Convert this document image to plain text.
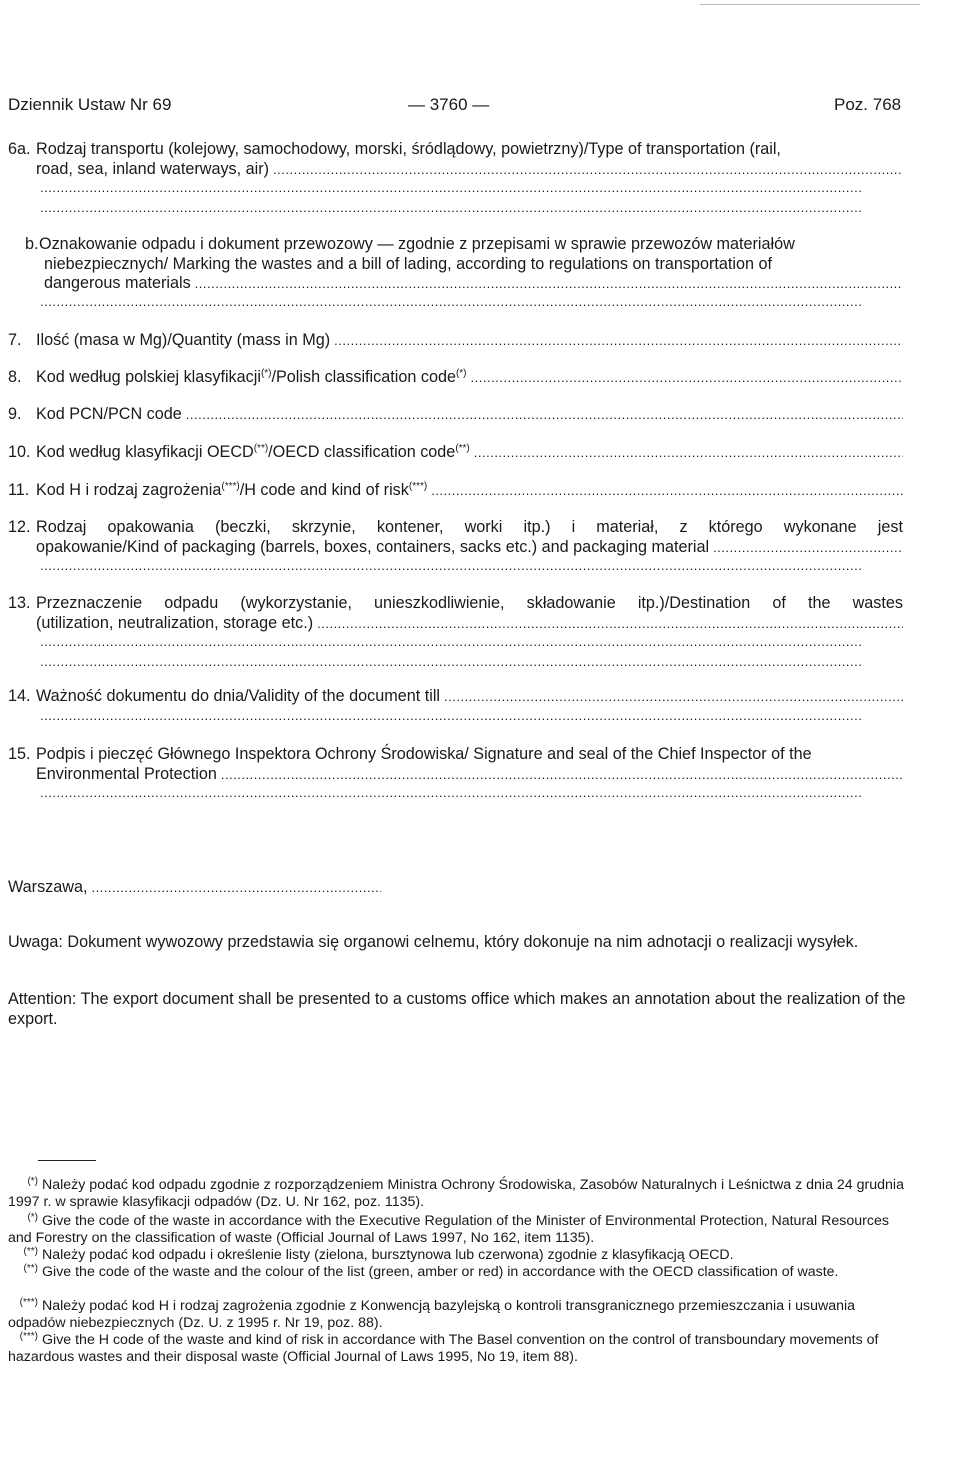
Dziennik Ustaw Nr 69	— 3760 —	Poz. 768
6a. Rodzaj transportu (kolejowy, samochodowy, morski, śródlądowy, powietrzny)/Type of transportation (rail,
road, sea, inland waterways, air)
.....
.....
.....
b. Oznakowanie odpadu i dokument przewozowy — zgodnie z przepisami w sprawie przewozów materiałów
niebezpiecznych/ Marking the wastes and a bill of lading, according to regulations on transportation of
dangerous materials
.....
.....
7. Ilość (masa w Mg)/Quantity (mass in Mg)
.....
8. Kod według polskiej klasyfikacji(*)/Polish classification code(*)
.....
9. Kod PCN/PCN code
.....
10. Kod według klasyfikacji OECD(**)/OECD classification code(**)
.....
11. Kod H i rodzaj zagrożenia(***)/H code and kind of risk(***)
.....
12. Rodzaj opakowania (beczki, skrzynie, kontener, worki itp.) i materiał, z którego wykonane jest
opakowanie/Kind of packaging (barrels, boxes, containers, sacks etc.) and packaging material
.....
.....
13. Przeznaczenie odpadu (wykorzystanie, unieszkodliwienie, składowanie itp.)/Destination of the wastes
(utilization, neutralization, storage etc.)
.....
.....
.....
14. Ważność dokumentu do dnia/Validity of the document till
.....
.....
15. Podpis i pieczęć Głównego Inspektora Ochrony Środowiska/ Signature and seal of the Chief Inspector of the
Environmental Protection
.....
.....
Warszawa,
.....
Uwaga: Dokument wywozowy przedstawia się organowi celnemu, który dokonuje na nim adnotacji o realizacji wysyłek.
Attention: The export document shall be presented to a customs office which makes an annotation about the realization of the export.
(*) Należy podać kod odpadu zgodnie z rozporządzeniem Ministra Ochrony Środowiska, Zasobów Naturalnych i Leśnictwa z dnia 24 grudnia 1997 r. w sprawie klasyfikacji odpadów (Dz. U. Nr 162, poz. 1135).
(*) Give the code of the waste in accordance with the Executive Regulation of the Minister of Environmental Protection, Natural Resources and Forestry on the classification of waste (Official Journal of Laws 1997, No 162, item 1135).
(**) Należy podać kod odpadu i określenie listy (zielona, bursztynowa lub czerwona) zgodnie z klasyfikacją OECD.
(**) Give the code of the waste and the colour of the list (green, amber or red) in accordance with the OECD classification of waste.
(***) Należy podać kod H i rodzaj zagrożenia zgodnie z Konwencją bazylejską o kontroli transgranicznego przemieszczania i usuwania odpadów niebezpiecznych (Dz. U. z 1995 r. Nr 19, poz. 88).
(***) Give the H code of the waste and kind of risk in accordance with The Basel convention on the control of transboundary movements of hazardous wastes and their disposal waste (Official Journal of Laws 1995, No 19, item 88).
